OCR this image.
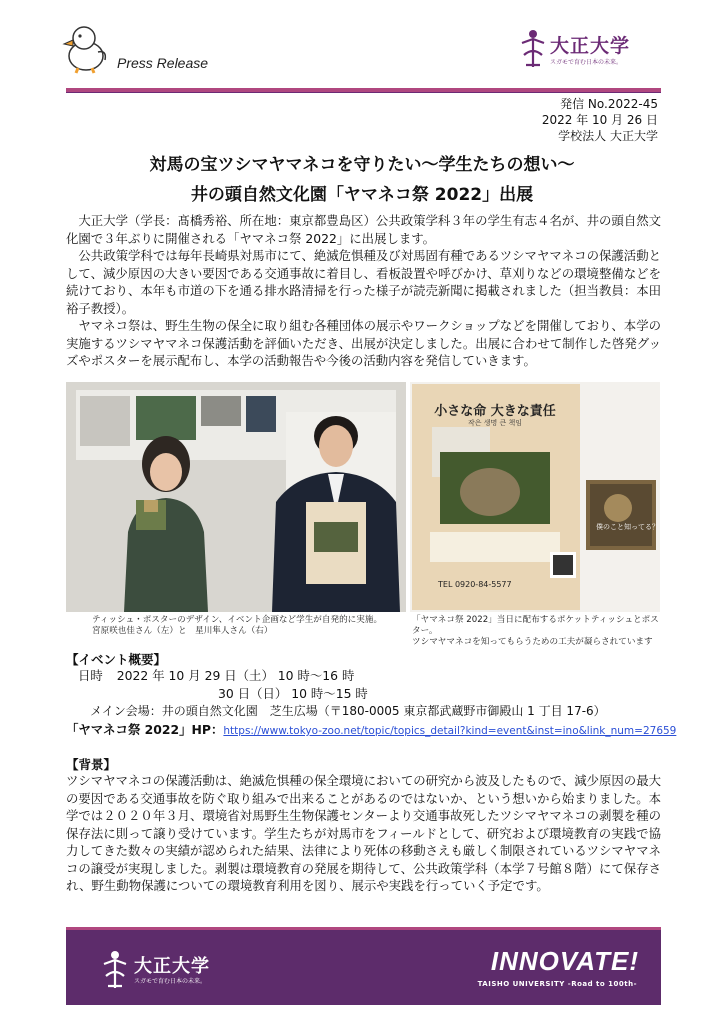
Press Release
大正大学
スガモで育む日本の未来。
発信 No.2022-45
2022 年 10 月 26 日
学校法人 大正大学
対馬の宝ツシマヤマネコを守りたい～学生たちの想い～
井の頭自然文化園「ヤマネコ祭 2022」出展

大正大学（学長：髙橋秀裕、所在地：東京都豊島区）公共政策学科３年の学生有志４名が、井の頭自然文化園で３年ぶりに開催される「ヤマネコ祭 2022」に出展します。

公共政策学科では毎年長崎県対馬市にて、絶滅危惧種及び対馬固有種であるツシマヤマネコの保護活動として、減少原因の大きい要因である交通事故に着目し、看板設置や呼びかけ、草刈りなどの環境整備などを続けており、本年も市道の下を通る排水路清掃を行った様子が読売新聞に掲載されました（担当教員：本田裕子教授）。

ヤマネコ祭は、野生生物の保全に取り組む各種団体の展示やワークショップなどを開催しており、本学の実施するツシマヤマネコ保護活動を評価いただき、出展が決定しました。出展に合わせて制作した啓発グッズやポスターを展示配布し、本学の活動報告や今後の活動内容を発信していきます。

小さな命 大きな責任
작은 생명 큰 책임
僕のこと知ってる？
TEL 0920-84-5577
ティッシュ・ポスターのデザイン、イベント企画など学生が自発的に実施。
宮原咲也佳さん（左）と　星川隼人さん（右）
「ヤマネコ祭 2022」当日に配布するポケットティッシュとポスター。
ツシマヤマネコを知ってもらうための工夫が凝らされています
【イベント概要】
日時 2022 年 10 月 29 日（土） 10 時～16 時
30 日（日） 10 時～15 時
メイン会場：井の頭自然文化園　芝生広場（〒180-0005 東京都武蔵野市御殿山 1 丁目 17-6）
「ヤマネコ祭 2022」HP：https://www.tokyo-zoo.net/topic/topics_detail?kind=event&inst=ino&link_num=27659
【背景】

ツシマヤマネコの保護活動は、絶滅危惧種の保全環境においての研究から波及したもので、減少原因の最大の要因である交通事故を防ぐ取り組みで出来ることがあるのではないか、という想いから始まりました。本学では２０２０年３月、環境省対馬野生生物保護センターより交通事故死したツシマヤマネコの剥製を種の保存法に則って譲り受けています。学生たちが対馬市をフィールドとして、研究および環境教育の実践で協力してきた数々の実績が認められた結果、法律により死体の移動さえも厳しく制限されているツシマヤマネコの譲受が実現しました。剥製は環境教育の発展を期待して、公共政策学科（本学７号館８階）にて保存され、野生動物保護についての環境教育利用を図り、展示や実践を行っていく予定です。

大正大学
スガモで育む日本の未来。
INNOVATE!
TAISHO UNIVERSITY -Road to 100th-
